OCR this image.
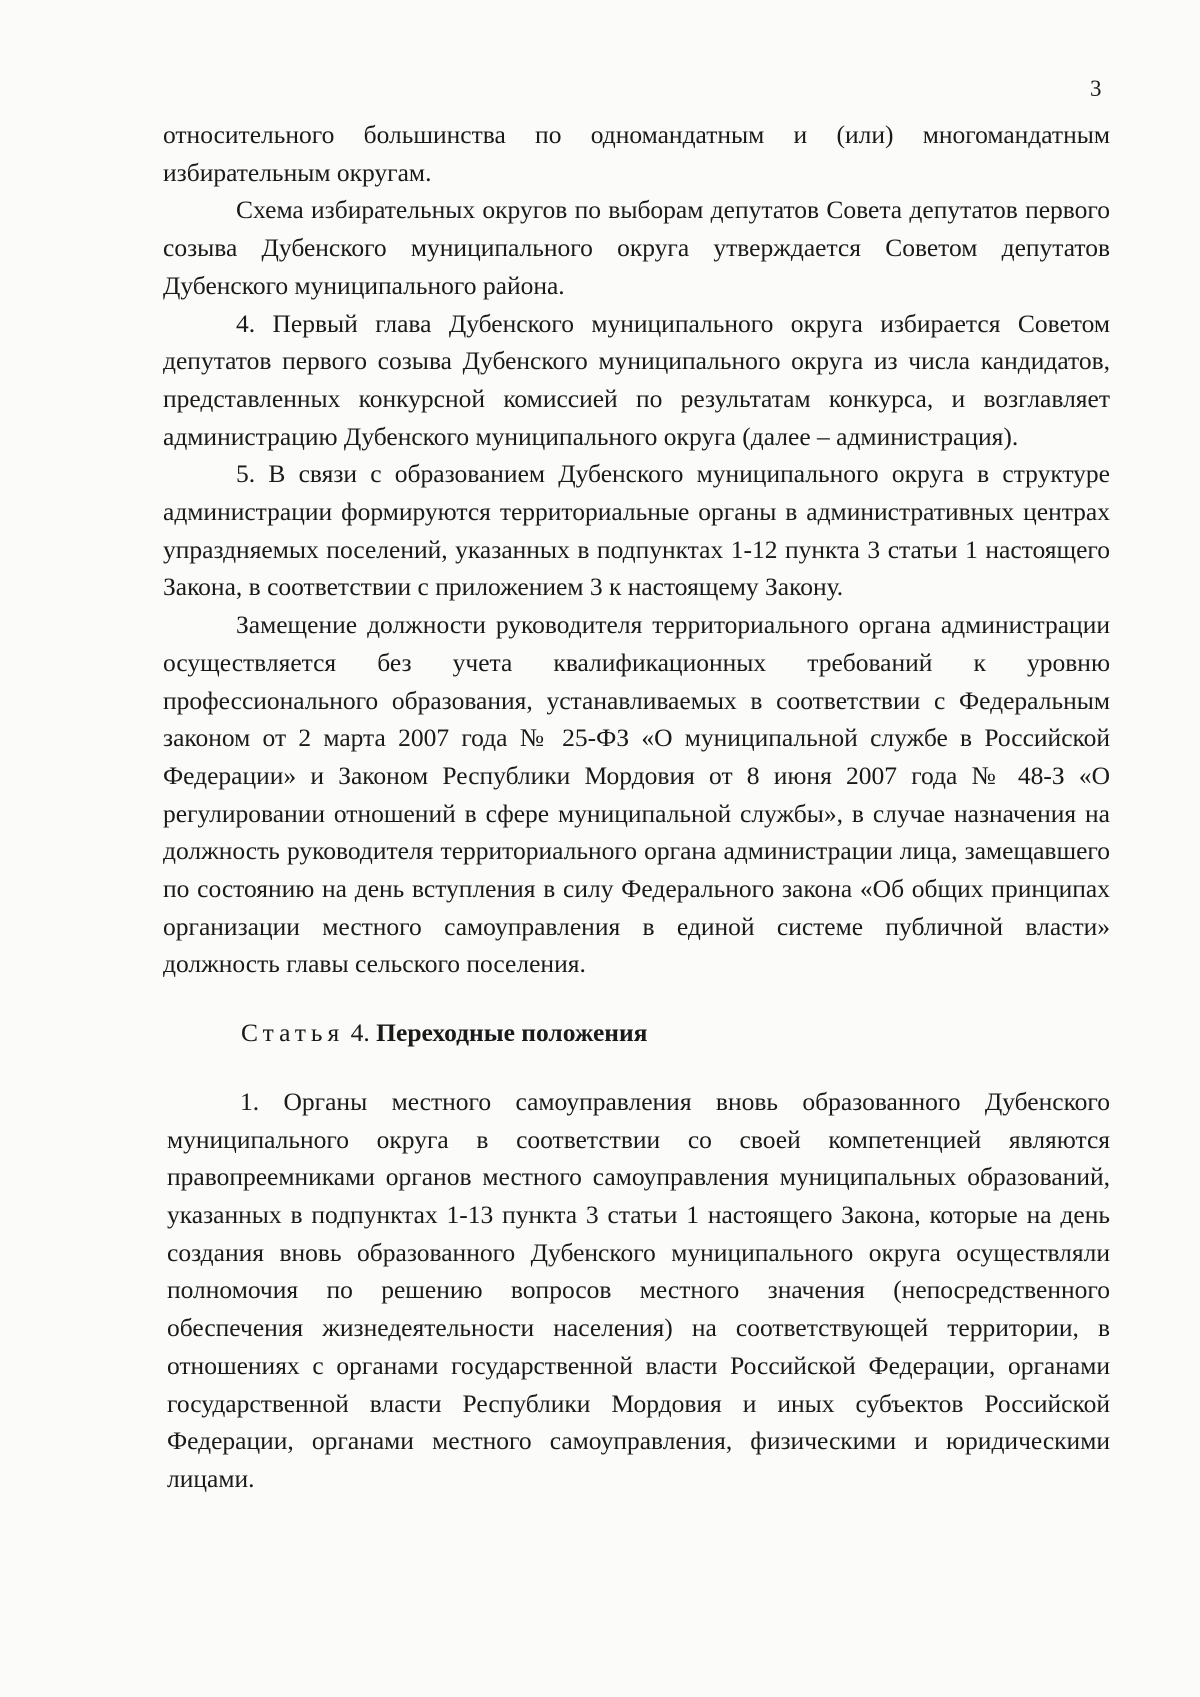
3

относительного большинства по одномандатным и (или) многомандатным избирательным округам.

Схема избирательных округов по выборам депутатов Совета депутатов первого созыва Дубенского муниципального округа утверждается Советом депутатов Дубенского муниципального района.

4. Первый глава Дубенского муниципального округа избирается Советом депутатов первого созыва Дубенского муниципального округа из числа кандидатов, представленных конкурсной комиссией по результатам конкурса, и возглавляет администрацию Дубенского муниципального округа (далее – администрация).

5. В связи с образованием Дубенского муниципального округа в структуре администрации формируются территориальные органы в административных центрах упраздняемых поселений, указанных в подпунктах 1-12 пункта 3 статьи 1 настоящего Закона, в соответствии с приложением 3 к настоящему Закону.

Замещение должности руководителя территориального органа администрации осуществляется без учета квалификационных требований к уровню профессионального образования, устанавливаемых в соответствии с Федеральным законом от 2 марта 2007 года № 25-ФЗ «О муниципальной службе в Российской Федерации» и Законом Республики Мордовия от 8 июня 2007 года № 48-З «О регулировании отношений в сфере муниципальной службы», в случае назначения на должность руководителя территориального органа администрации лица, замещавшего по состоянию на день вступления в силу Федерального закона «Об общих принципах организации местного самоуправления в единой системе публичной власти» должность главы сельского поселения.

Статья 4. Переходные положения

1. Органы местного самоуправления вновь образованного Дубенского муниципального округа в соответствии со своей компетенцией являются правопреемниками органов местного самоуправления муниципальных образований, указанных в подпунктах 1-13 пункта 3 статьи 1 настоящего Закона, которые на день создания вновь образованного Дубенского муниципального округа осуществляли полномочия по решению вопросов местного значения (непосредственного обеспечения жизнедеятельности населения) на соответствующей территории, в отношениях с органами государственной власти Российской Федерации, органами государственной власти Республики Мордовия и иных субъектов Российской Федерации, органами местного самоуправления, физическими и юридическими лицами.
